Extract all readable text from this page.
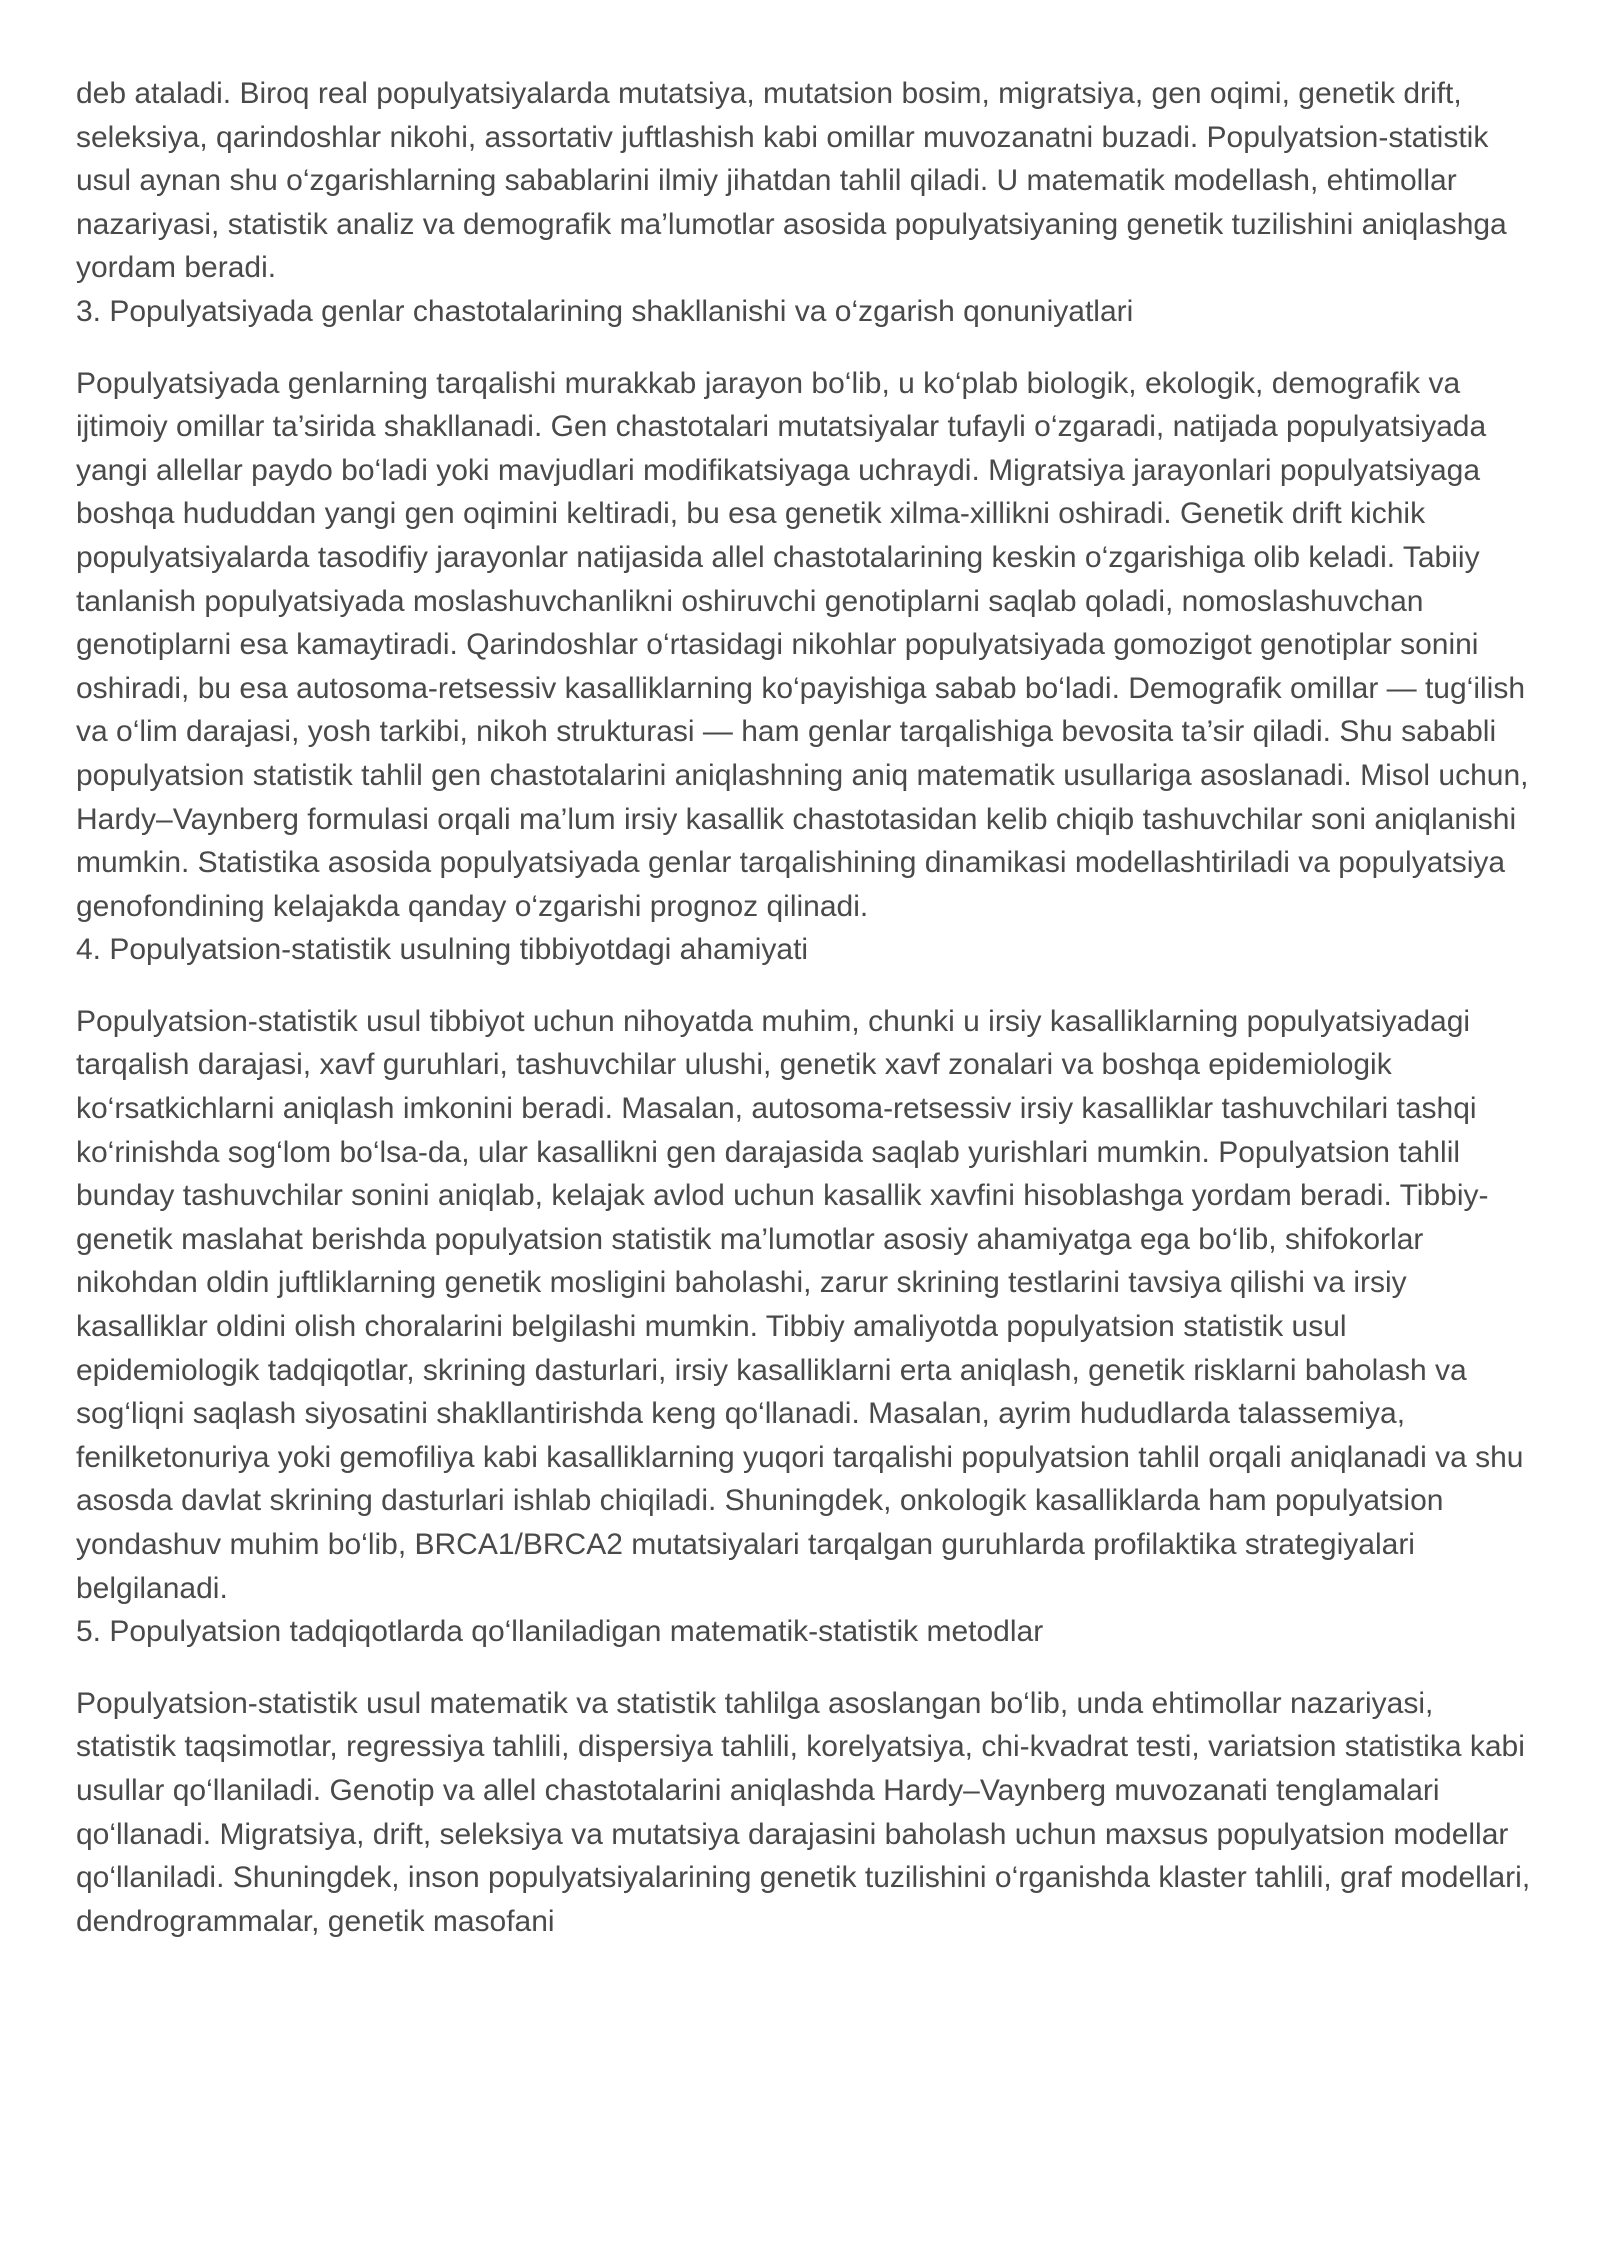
deb ataladi. Biroq real populyatsiyalarda mutatsiya, mutatsion bosim, migratsiya, gen oqimi, genetik drift, seleksiya, qarindoshlar nikohi, assortativ juftlashish kabi omillar muvozanatni buzadi. Populyatsion-statistik usul aynan shu o‘zgarishlarning sabablarini ilmiy jihatdan tahlil qiladi. U matematik modellash, ehtimollar nazariyasi, statistik analiz va demografik ma’lumotlar asosida populyatsiyaning genetik tuzilishini aniqlashga yordam beradi.

3. Populyatsiyada genlar chastotalarining shakllanishi va o‘zgarish qonuniyatlari

Populyatsiyada genlarning tarqalishi murakkab jarayon bo‘lib, u ko‘plab biologik, ekologik, demografik va ijtimoiy omillar ta’sirida shakllanadi. Gen chastotalari mutatsiyalar tufayli o‘zgaradi, natijada populyatsiyada yangi allellar paydo bo‘ladi yoki mavjudlari modifikatsiyaga uchraydi. Migratsiya jarayonlari populyatsiyaga boshqa hududdan yangi gen oqimini keltiradi, bu esa genetik xilma-xillikni oshiradi. Genetik drift kichik populyatsiyalarda tasodifiy jarayonlar natijasida allel chastotalarining keskin o‘zgarishiga olib keladi. Tabiiy tanlanish populyatsiyada moslashuvchanlikni oshiruvchi genotiplarni saqlab qoladi, nomoslashuvchan genotiplarni esa kamaytiradi. Qarindoshlar o‘rtasidagi nikohlar populyatsiyada gomozigot genotiplar sonini oshiradi, bu esa autosoma-retsessiv kasalliklarning ko‘payishiga sabab bo‘ladi. Demografik omillar — tug‘ilish va o‘lim darajasi, yosh tarkibi, nikoh strukturasi — ham genlar tarqalishiga bevosita ta’sir qiladi. Shu sababli populyatsion statistik tahlil gen chastotalarini aniqlashning aniq matematik usullariga asoslanadi. Misol uchun, Hardy–Vaynberg formulasi orqali ma’lum irsiy kasallik chastotasidan kelib chiqib tashuvchilar soni aniqlanishi mumkin. Statistika asosida populyatsiyada genlar tarqalishining dinamikasi modellashtiriladi va populyatsiya genofondining kelajakda qanday o‘zgarishi prognoz qilinadi.

4. Populyatsion-statistik usulning tibbiyotdagi ahamiyati

Populyatsion-statistik usul tibbiyot uchun nihoyatda muhim, chunki u irsiy kasalliklarning populyatsiyadagi tarqalish darajasi, xavf guruhlari, tashuvchilar ulushi, genetik xavf zonalari va boshqa epidemiologik ko‘rsatkichlarni aniqlash imkonini beradi. Masalan, autosoma-retsessiv irsiy kasalliklar tashuvchilari tashqi ko‘rinishda sog‘lom bo‘lsa-da, ular kasallikni gen darajasida saqlab yurishlari mumkin. Populyatsion tahlil bunday tashuvchilar sonini aniqlab, kelajak avlod uchun kasallik xavfini hisoblashga yordam beradi. Tibbiy-genetik maslahat berishda populyatsion statistik ma’lumotlar asosiy ahamiyatga ega bo‘lib, shifokorlar nikohdan oldin juftliklarning genetik mosligini baholashi, zarur skrining testlarini tavsiya qilishi va irsiy kasalliklar oldini olish choralarini belgilashi mumkin. Tibbiy amaliyotda populyatsion statistik usul epidemiologik tadqiqotlar, skrining dasturlari, irsiy kasalliklarni erta aniqlash, genetik risklarni baholash va sog‘liqni saqlash siyosatini shakllantirishda keng qo‘llanadi. Masalan, ayrim hududlarda talassemiya, fenilketonuriya yoki gemofiliya kabi kasalliklarning yuqori tarqalishi populyatsion tahlil orqali aniqlanadi va shu asosda davlat skrining dasturlari ishlab chiqiladi. Shuningdek, onkologik kasalliklarda ham populyatsion yondashuv muhim bo‘lib, BRCA1/BRCA2 mutatsiyalari tarqalgan guruhlarda profilaktika strategiyalari belgilanadi.

5. Populyatsion tadqiqotlarda qo‘llaniladigan matematik-statistik metodlar

Populyatsion-statistik usul matematik va statistik tahlilga asoslangan bo‘lib, unda ehtimollar nazariyasi, statistik taqsimotlar, regressiya tahlili, dispersiya tahlili, korelyatsiya, chi-kvadrat testi, variatsion statistika kabi usullar qo‘llaniladi. Genotip va allel chastotalarini aniqlashda Hardy–Vaynberg muvozanati tenglamalari qo‘llanadi. Migratsiya, drift, seleksiya va mutatsiya darajasini baholash uchun maxsus populyatsion modellar qo‘llaniladi. Shuningdek, inson populyatsiyalarining genetik tuzilishini o‘rganishda klaster tahlili, graf modellari, dendrogrammalar, genetik masofani
